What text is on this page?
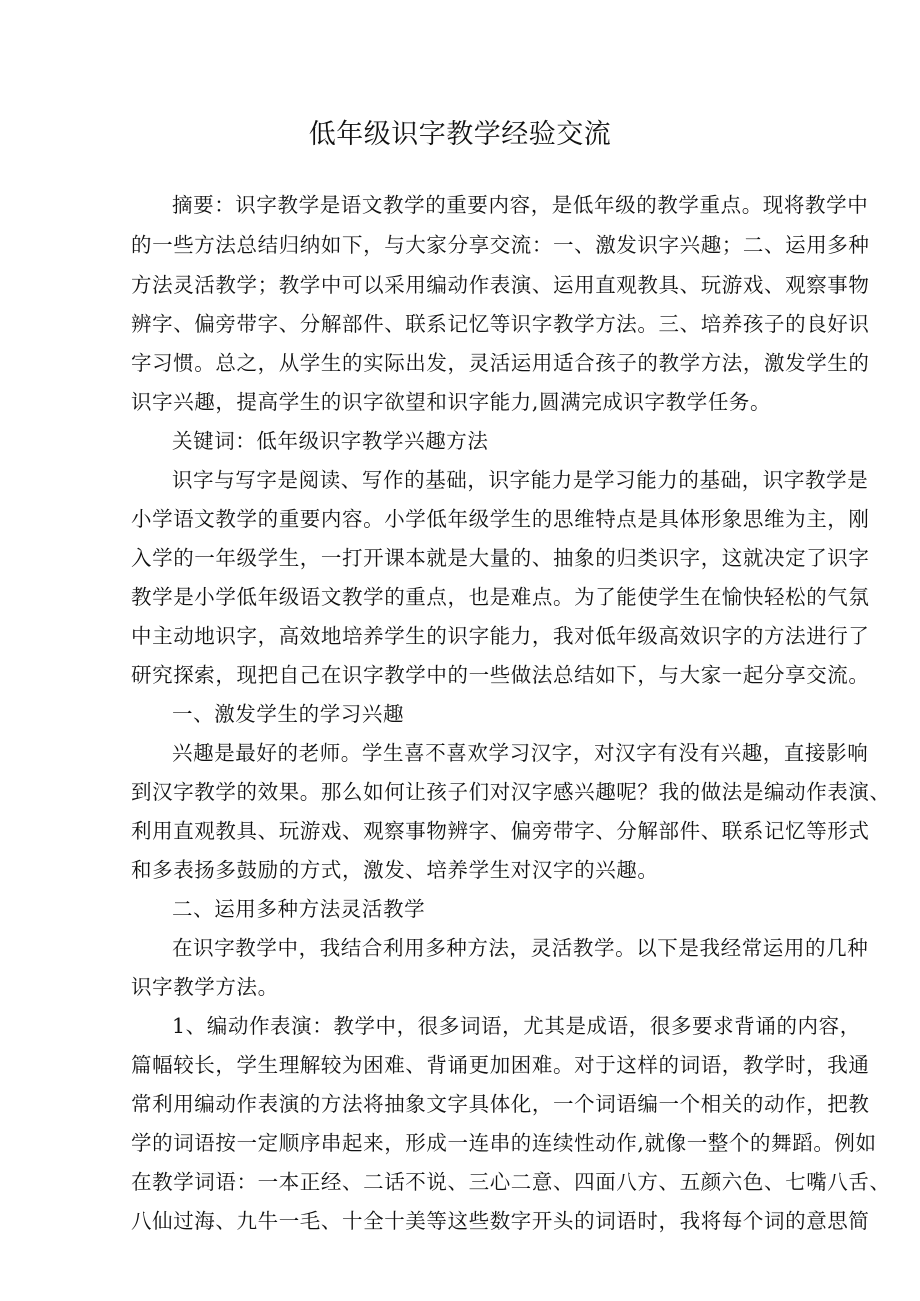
低年级识字教学经验交流

摘要：识字教学是语文教学的重要内容，是低年级的教学重点。现将教学中

的一些方法总结归纳如下，与大家分享交流：一、激发识字兴趣；二、运用多种

方法灵活教学；教学中可以采用编动作表演、运用直观教具、玩游戏、观察事物

辨字、偏旁带字、分解部件、联系记忆等识字教学方法。三、培养孩子的良好识

字习惯。总之，从学生的实际出发，灵活运用适合孩子的教学方法，激发学生的

识字兴趣，提高学生的识字欲望和识字能力,圆满完成识字教学任务。

关键词：低年级识字教学兴趣方法

识字与写字是阅读、写作的基础，识字能力是学习能力的基础，识字教学是

小学语文教学的重要内容。小学低年级学生的思维特点是具体形象思维为主，刚

入学的一年级学生，一打开课本就是大量的、抽象的归类识字，这就决定了识字

教学是小学低年级语文教学的重点，也是难点。为了能使学生在愉快轻松的气氛

中主动地识字，高效地培养学生的识字能力，我对低年级高效识字的方法进行了

研究探索，现把自己在识字教学中的一些做法总结如下，与大家一起分享交流。

一、激发学生的学习兴趣

兴趣是最好的老师。学生喜不喜欢学习汉字，对汉字有没有兴趣，直接影响

到汉字教学的效果。那么如何让孩子们对汉字感兴趣呢？我的做法是编动作表演、

利用直观教具、玩游戏、观察事物辨字、偏旁带字、分解部件、联系记忆等形式

和多表扬多鼓励的方式，激发、培养学生对汉字的兴趣。

二、运用多种方法灵活教学

在识字教学中，我结合利用多种方法，灵活教学。以下是我经常运用的几种

识字教学方法。

1、编动作表演：教学中，很多词语，尤其是成语，很多要求背诵的内容，

篇幅较长，学生理解较为困难、背诵更加困难。对于这样的词语，教学时，我通

常利用编动作表演的方法将抽象文字具体化，一个词语编一个相关的动作，把教

学的词语按一定顺序串起来，形成一连串的连续性动作,就像一整个的舞蹈。例如

在教学词语：一本正经、二话不说、三心二意、四面八方、五颜六色、七嘴八舌、

八仙过海、九牛一毛、十全十美等这些数字开头的词语时，我将每个词的意思简
